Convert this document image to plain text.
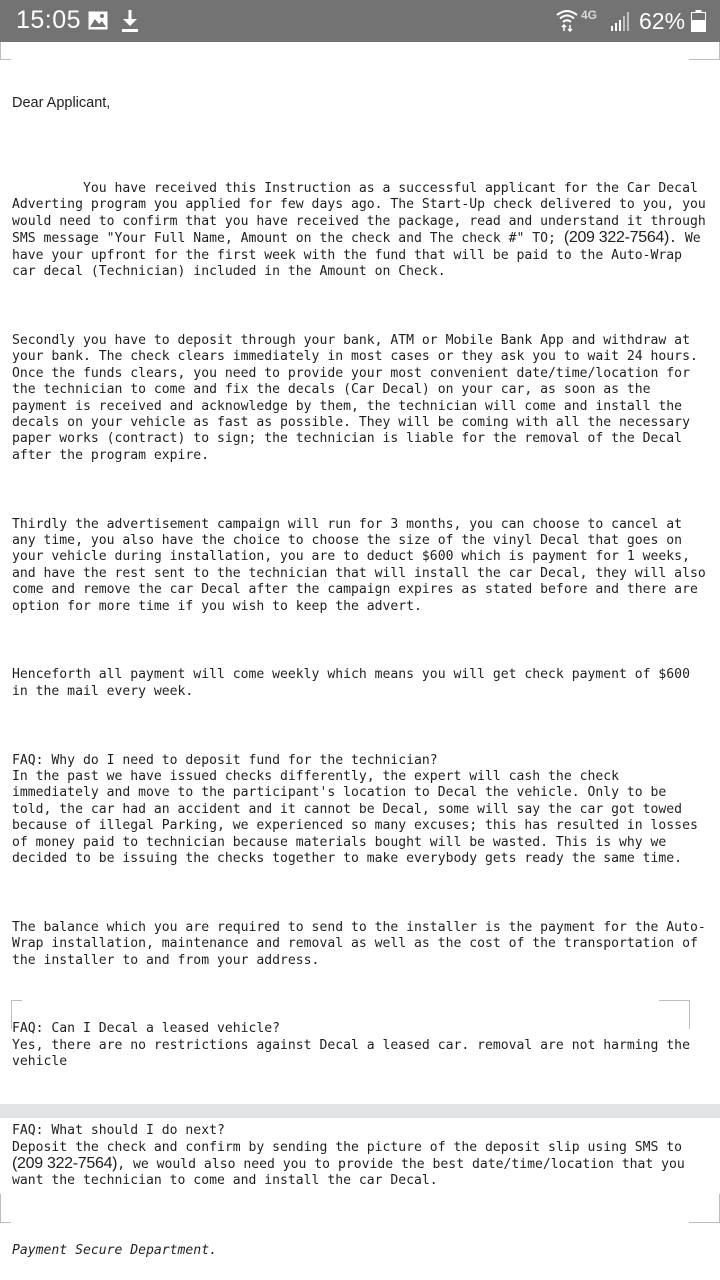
15:05	4G 62%

Dear Applicant,

You have received this Instruction as a successful applicant for the Car Decal Adverting program you applied for few days ago. The Start-Up check delivered to you, you would need to confirm that you have received the package, read and understand it through SMS message "Your Full Name, Amount on the check and The check #" TO; (209 322-7564). We have your upfront for the first week with the fund that will be paid to the Auto-Wrap car decal (Technician) included in the Amount on Check.

Secondly you have to deposit through your bank, ATM or Mobile Bank App and withdraw at your bank. The check clears immediately in most cases or they ask you to wait 24 hours. Once the funds clears, you need to provide your most convenient date/time/location for the technician to come and fix the decals (Car Decal) on your car, as soon as the payment is received and acknowledge by them, the technician will come and install the decals on your vehicle as fast as possible. They will be coming with all the necessary paper works (contract) to sign; the technician is liable for the removal of the Decal after the program expire.

Thirdly the advertisement campaign will run for 3 months, you can choose to cancel at any time, you also have the choice to choose the size of the vinyl Decal that goes on your vehicle during installation, you are to deduct $600 which is payment for 1 weeks, and have the rest sent to the technician that will install the car Decal, they will also come and remove the car Decal after the campaign expires as stated before and there are option for more time if you wish to keep the advert.

Henceforth all payment will come weekly which means you will get check payment of $600 in the mail every week.

FAQ: Why do I need to deposit fund for the technician?
In the past we have issued checks differently, the expert will cash the check immediately and move to the participant's location to Decal the vehicle. Only to be told, the car had an accident and it cannot be Decal, some will say the car got towed because of illegal Parking, we experienced so many excuses; this has resulted in losses of money paid to technician because materials bought will be wasted. This is why we decided to be issuing the checks together to make everybody gets ready the same time.

The balance which you are required to send to the installer is the payment for the Auto-Wrap installation, maintenance and removal as well as the cost of the transportation of the installer to and from your address.

FAQ: Can I Decal a leased vehicle?
Yes, there are no restrictions against Decal a leased car. removal are not harming the vehicle

FAQ: What should I do next?
Deposit the check and confirm by sending the picture of the deposit slip using SMS to (209 322-7564), we would also need you to provide the best date/time/location that you want the technician to come and install the car Decal.

Payment Secure Department.
